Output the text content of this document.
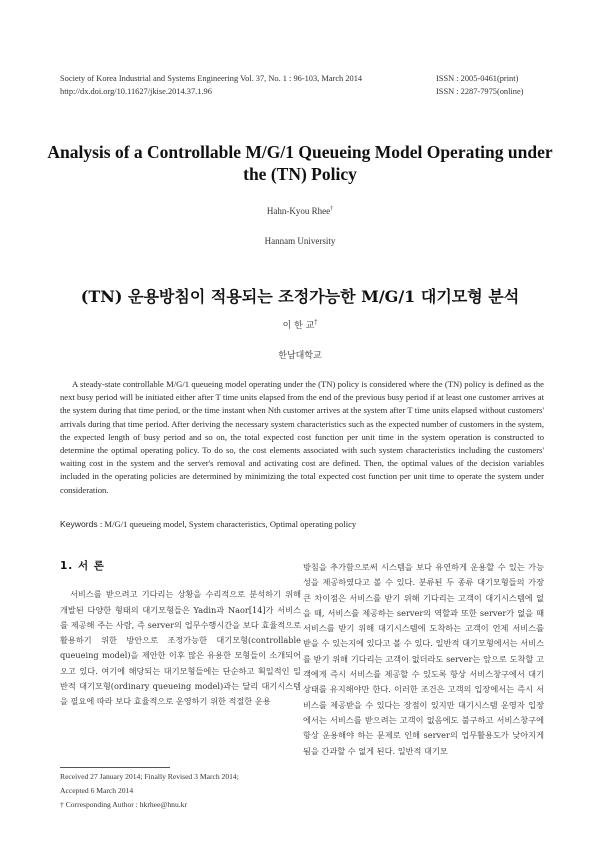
Society of Korea Industrial and Systems Engineering Vol. 37, No. 1 : 96-103, March 2014	ISSN : 2005-0461(print)
http://dx.doi.org/10.11627/jkise.2014.37.1.96	ISSN : 2287-7975(online)
Analysis of a Controllable M/G/1 Queueing Model Operating under the (TN) Policy
Hahn-Kyou Rhee†
Hannam University
(TN) 운용방침이 적용되는 조정가능한 M/G/1 대기모형 분석
이 한 교†
한남대학교

A steady-state controllable M/G/1 queueing model operating under the (TN) policy is considered where the (TN) policy is defined as the next busy period will be initiated either after T time units elapsed from the end of the previous busy period if at least one customer arrives at the system during that time period, or the time instant when Nth customer arrives at the system after T time units elapsed without customers' arrivals during that time period. After deriving the necessary system characteristics such as the expected number of customers in the system, the expected length of busy period and so on, the total expected cost function per unit time in the system operation is constructed to determine the optimal operating policy. To do so, the cost elements associated with such system characteristics including the customers' waiting cost in the system and the server's removal and activating cost are defined. Then, the optimal values of the decision variables included in the operating policies are determined by minimizing the total expected cost function per unit time to operate the system under consideration.

Keywords : M/G/1 queueing model, System characteristics, Optimal operating policy
1. 서 론

서비스를 받으려고 기다리는 상황을 수리적으로 분석하기 위해 개발된 다양한 형태의 대기모형들은 Yadin과 Naor[14]가 서비스를 제공해 주는 사람, 즉 server의 업무수행시간을 보다 효율적으로 활용하기 위한 방안으로 조정가능한 대기모형(controllable queueing model)을 제안한 이후 많은 유용한 모형들이 소개되어 오고 있다. 여기에 해당되는 대기모형들에는 단순하고 획일적인 일반적 대기모형(ordinary queueing model)과는 달리 대기시스템을 필요에 따라 보다 효율적으로 운영하기 위한 적절한 운용

방침을 추가함으로써 시스템을 보다 유연하게 운용할 수 있는 가능성을 제공하였다고 볼 수 있다. 분류된 두 종류 대기모형들의 가장 큰 차이점은 서비스를 받기 위해 기다리는 고객이 대기시스템에 없을 때, 서비스를 제공하는 server의 역할과 또한 server가 없을 때 서비스를 받기 위해 대기시스템에 도착하는 고객이 언제 서비스를 받을 수 있는지에 있다고 볼 수 있다. 일반적 대기모형에서는 서비스를 받기 위해 기다리는 고객이 없더라도 server는 앞으로 도착할 고객에게 즉시 서비스를 제공할 수 있도록 항상 서비스창구에서 대기상태를 유지해야만 한다. 이러한 조건은 고객의 입장에서는 즉시 서비스를 제공받을 수 있다는 장점이 있지만 대기시스템 운영자 입장에서는 서비스를 받으려는 고객이 없음에도 불구하고 서비스창구에 항상 운용해야 하는 문제로 인해 server의 업무활용도가 낮아지게 됨을 간과할 수 없게 된다. 일반적 대기모

Received 27 January 2014; Finally Revised 3 March 2014;
Accepted 6 March 2014
† Corresponding Author : hkrhee@hnu.kr
